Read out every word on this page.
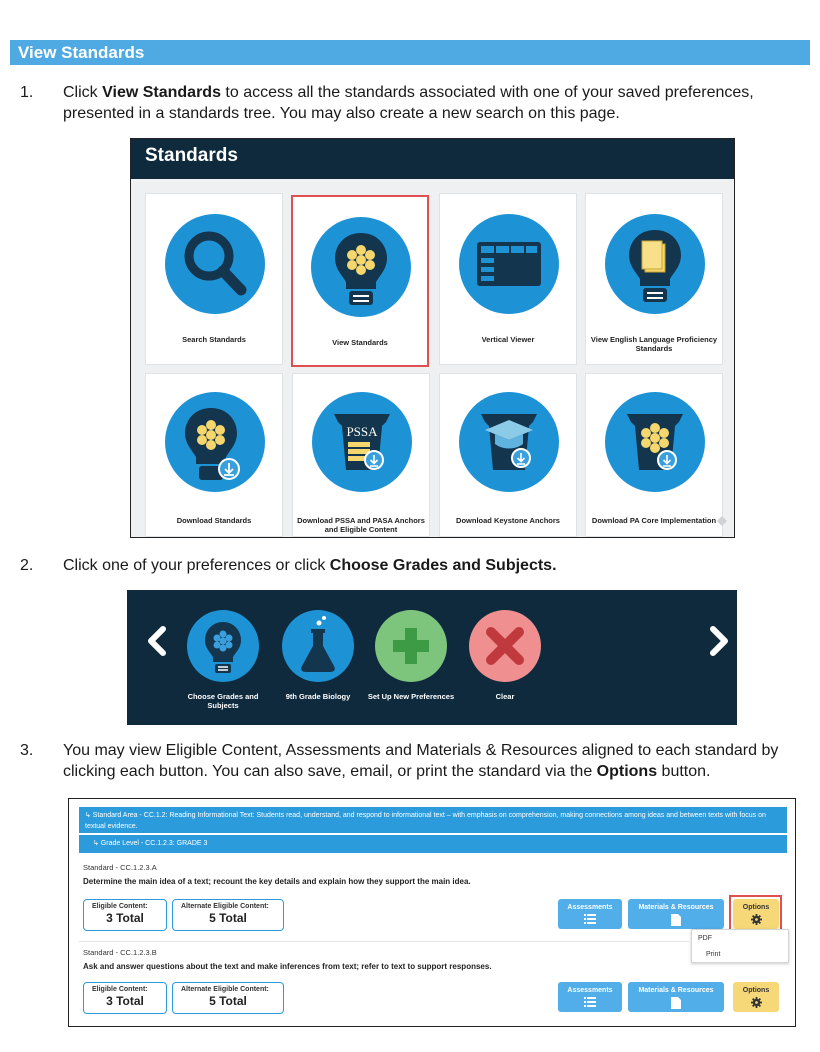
View Standards
1.	Click View Standards to access all the standards associated with one of your saved preferences, presented in a standards tree. You may also create a new search on this page.
Standards
Search Standards	View Standards	Vertical Viewer	View English Language Proficiency Standards
Download Standards
PSSA
Download PSSA and PASA Anchors and Eligible Content
Download Keystone Anchors	Download PA Core Implementation
2.	Click one of your preferences or click Choose Grades and Subjects.
Choose Grades and Subjects
9th Grade Biology	Set Up New Preferences	Clear
3.	You may view Eligible Content, Assessments and Materials & Resources aligned to each standard by clicking each button. You can also save, email, or print the standard via the Options button.
↳ Standard Area - CC.1.2: Reading Informational Text: Students read, understand, and respond to informational text – with emphasis on comprehension, making connections among ideas and between texts with focus on textual evidence.
↳ Grade Level - CC.1.2.3: GRADE 3
Standard - CC.1.2.3.A
Determine the main idea of a text; recount the key details and explain how they support the main idea.
Eligible Content:
3 Total
Alternate Eligible Content:
5 Total
Assessments	Materials & Resources	Options
PDF
Print
Standard - CC.1.2.3.B
Ask and answer questions about the text and make inferences from text; refer to text to support responses.
Eligible Content:
3 Total
Alternate Eligible Content:
5 Total
Assessments	Materials & Resources	Options
